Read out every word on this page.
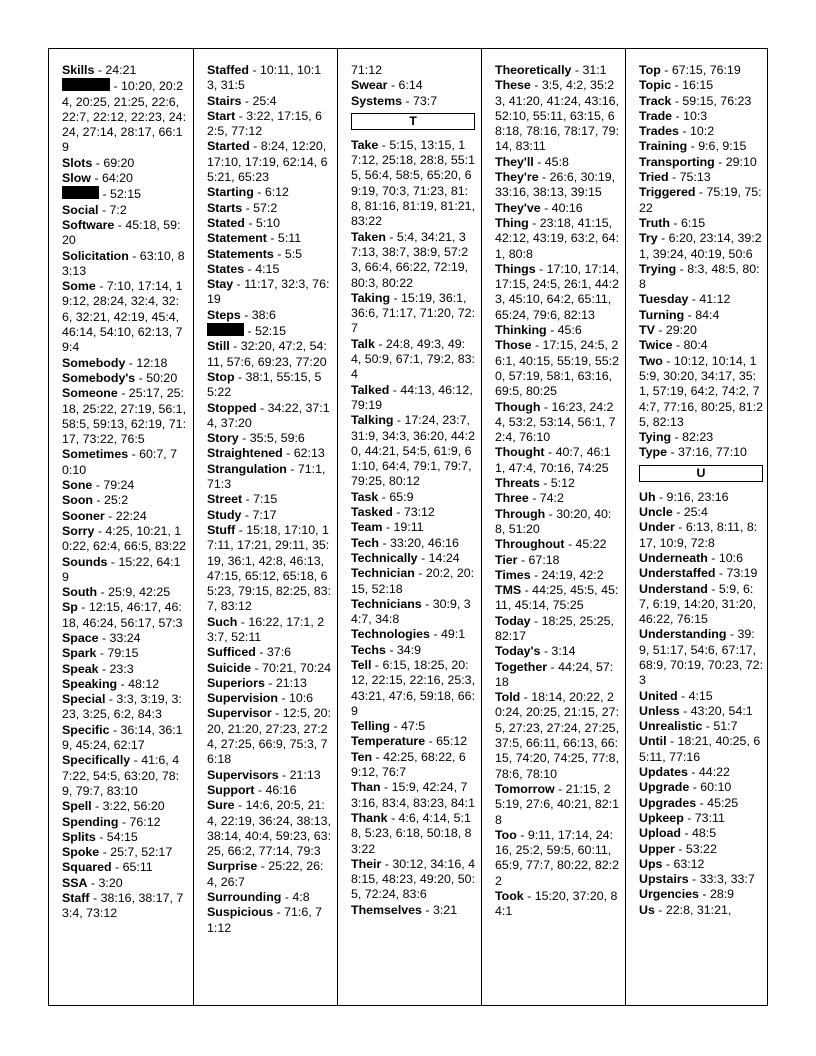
Skills - 24:21
- 10:20, 20:24, 20:25, 21:25, 22:6, 22:7, 22:12, 22:23, 24:24, 27:14, 28:17, 66:19
Slots - 69:20
Slow - 64:20
- 52:15
Social - 7:2
Software - 45:18, 59:20
Solicitation - 63:10, 83:13
Some - 7:10, 17:14, 19:12, 28:24, 32:4, 32:6, 32:21, 42:19, 45:4, 46:14, 54:10, 62:13, 79:4
Somebody - 12:18
Somebody's - 50:20
Someone - 25:17, 25:18, 25:22, 27:19, 56:1, 58:5, 59:13, 62:19, 71:17, 73:22, 76:5
Sometimes - 60:7, 70:10
Sone - 79:24
Soon - 25:2
Sooner - 22:24
Sorry - 4:25, 10:21, 10:22, 62:4, 66:5, 83:22
Sounds - 15:22, 64:19
South - 25:9, 42:25
Sp - 12:15, 46:17, 46:18, 46:24, 56:17, 57:3
Space - 33:24
Spark - 79:15
Speak - 23:3
Speaking - 48:12
Special - 3:3, 3:19, 3:23, 3:25, 6:2, 84:3
Specific - 36:14, 36:19, 45:24, 62:17
Specifically - 41:6, 47:22, 54:5, 63:20, 78:9, 79:7, 83:10
Spell - 3:22, 56:20
Spending - 76:12
Splits - 54:15
Spoke - 25:7, 52:17
Squared - 65:11
SSA - 3:20
Staff - 38:16, 38:17, 73:4, 73:12
Staffed - 10:11, 10:13, 31:5
Stairs - 25:4
Start - 3:22, 17:15, 62:5, 77:12
Started - 8:24, 12:20, 17:10, 17:19, 62:14, 65:21, 65:23
Starting - 6:12
Starts - 57:2
Stated - 5:10
Statement - 5:11
Statements - 5:5
States - 4:15
Stay - 11:17, 32:3, 76:19
Steps - 38:6
- 52:15
Still - 32:20, 47:2, 54:11, 57:6, 69:23, 77:20
Stop - 38:1, 55:15, 55:22
Stopped - 34:22, 37:14, 37:20
Story - 35:5, 59:6
Straightened - 62:13
Strangulation - 71:1, 71:3
Street - 7:15
Study - 7:17
Stuff - 15:18, 17:10, 17:11, 17:21, 29:11, 35:19, 36:1, 42:8, 46:13, 47:15, 65:12, 65:18, 65:23, 79:15, 82:25, 83:7, 83:12
Such - 16:22, 17:1, 23:7, 52:11
Sufficed - 37:6
Suicide - 70:21, 70:24
Superiors - 21:13
Supervision - 10:6
Supervisor - 12:5, 20:20, 21:20, 27:23, 27:24, 27:25, 66:9, 75:3, 76:18
Supervisors - 21:13
Support - 46:16
Sure - 14:6, 20:5, 21:4, 22:19, 36:24, 38:13, 38:14, 40:4, 59:23, 63:25, 66:2, 77:14, 79:3
Surprise - 25:22, 26:4, 26:7
Surrounding - 4:8
Suspicious - 71:6, 71:12
71:12
Swear - 6:14
Systems - 73:7
T
Take - 5:15, 13:15, 17:12, 25:18, 28:8, 55:15, 56:4, 58:5, 65:20, 69:19, 70:3, 71:23, 81:8, 81:16, 81:19, 81:21, 83:22
Taken - 5:4, 34:21, 37:13, 38:7, 38:9, 57:23, 66:4, 66:22, 72:19, 80:3, 80:22
Taking - 15:19, 36:1, 36:6, 71:17, 71:20, 72:7
Talk - 24:8, 49:3, 49:4, 50:9, 67:1, 79:2, 83:4
Talked - 44:13, 46:12, 79:19
Talking - 17:24, 23:7, 31:9, 34:3, 36:20, 44:20, 44:21, 54:5, 61:9, 61:10, 64:4, 79:1, 79:7, 79:25, 80:12
Task - 65:9
Tasked - 73:12
Team - 19:11
Tech - 33:20, 46:16
Technically - 14:24
Technician - 20:2, 20:15, 52:18
Technicians - 30:9, 34:7, 34:8
Technologies - 49:1
Techs - 34:9
Tell - 6:15, 18:25, 20:12, 22:15, 22:16, 25:3, 43:21, 47:6, 59:18, 66:9
Telling - 47:5
Temperature - 65:12
Ten - 42:25, 68:22, 69:12, 76:7
Than - 15:9, 42:24, 73:16, 83:4, 83:23, 84:1
Thank - 4:6, 4:14, 5:18, 5:23, 6:18, 50:18, 83:22
Their - 30:12, 34:16, 48:15, 48:23, 49:20, 50:5, 72:24, 83:6
Themselves - 3:21
Theoretically - 31:1
These - 3:5, 4:2, 35:23, 41:20, 41:24, 43:16, 52:10, 55:11, 63:15, 68:18, 78:16, 78:17, 79:14, 83:11
They'll - 45:8
They're - 26:6, 30:19, 33:16, 38:13, 39:15
They've - 40:16
Thing - 23:18, 41:15, 42:12, 43:19, 63:2, 64:1, 80:8
Things - 17:10, 17:14, 17:15, 24:5, 26:1, 44:23, 45:10, 64:2, 65:11, 65:24, 79:6, 82:13
Thinking - 45:6
Those - 17:15, 24:5, 26:1, 40:15, 55:19, 55:20, 57:19, 58:1, 63:16, 69:5, 80:25
Though - 16:23, 24:24, 53:2, 53:14, 56:1, 72:4, 76:10
Thought - 40:7, 46:11, 47:4, 70:16, 74:25
Threats - 5:12
Three - 74:2
Through - 30:20, 40:8, 51:20
Throughout - 45:22
Tier - 67:18
Times - 24:19, 42:2
TMS - 44:25, 45:5, 45:11, 45:14, 75:25
Today - 18:25, 25:25, 82:17
Today's - 3:14
Together - 44:24, 57:18
Told - 18:14, 20:22, 20:24, 20:25, 21:15, 27:5, 27:23, 27:24, 27:25, 37:5, 66:11, 66:13, 66:15, 74:20, 74:25, 77:8, 78:6, 78:10
Tomorrow - 21:15, 25:19, 27:6, 40:21, 82:18
Too - 9:11, 17:14, 24:16, 25:2, 59:5, 60:11, 65:9, 77:7, 80:22, 82:22
Took - 15:20, 37:20, 84:1
Top - 67:15, 76:19
Topic - 16:15
Track - 59:15, 76:23
Trade - 10:3
Trades - 10:2
Training - 9:6, 9:15
Transporting - 29:10
Tried - 75:13
Triggered - 75:19, 75:22
Truth - 6:15
Try - 6:20, 23:14, 39:21, 39:24, 40:19, 50:6
Trying - 8:3, 48:5, 80:8
Tuesday - 41:12
Turning - 84:4
TV - 29:20
Twice - 80:4
Two - 10:12, 10:14, 15:9, 30:20, 34:17, 35:1, 57:19, 64:2, 74:2, 74:7, 77:16, 80:25, 81:25, 82:13
Tying - 82:23
Type - 37:16, 77:10
U
Uh - 9:16, 23:16
Uncle - 25:4
Under - 6:13, 8:11, 8:17, 10:9, 72:8
Underneath - 10:6
Understaffed - 73:19
Understand - 5:9, 6:7, 6:19, 14:20, 31:20, 46:22, 76:15
Understanding - 39:9, 51:17, 54:6, 67:17, 68:9, 70:19, 70:23, 72:3
United - 4:15
Unless - 43:20, 54:1
Unrealistic - 51:7
Until - 18:21, 40:25, 65:11, 77:16
Updates - 44:22
Upgrade - 60:10
Upgrades - 45:25
Upkeep - 73:11
Upload - 48:5
Upper - 53:22
Ups - 63:12
Upstairs - 33:3, 33:7
Urgencies - 28:9
Us - 22:8, 31:21,
